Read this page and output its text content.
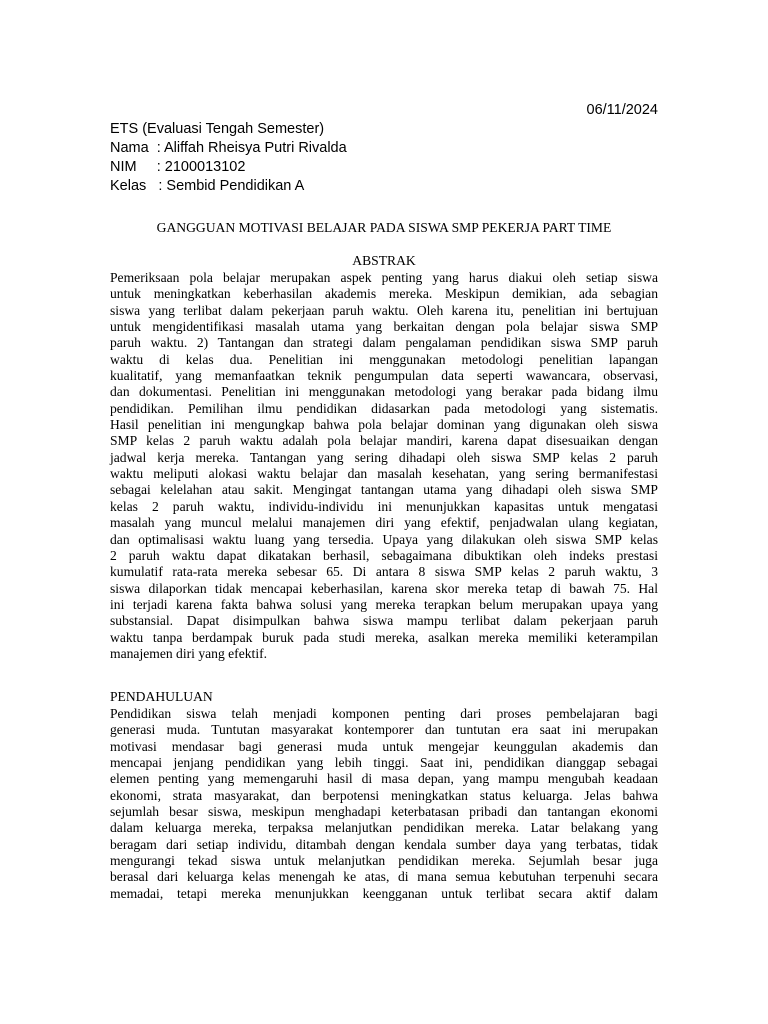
06/11/2024
ETS (Evaluasi Tengah Semester)
Nama  : Aliffah Rheisya Putri Rivalda
NIM     : 2100013102
Kelas   : Sembid Pendidikan A
GANGGUAN MOTIVASI BELAJAR PADA SISWA SMP PEKERJA PART TIME
ABSTRAK
Pemeriksaan pola belajar merupakan aspek penting yang harus diakui oleh setiap siswa
untuk meningkatkan keberhasilan akademis mereka. Meskipun demikian, ada sebagian
siswa yang terlibat dalam pekerjaan paruh waktu. Oleh karena itu, penelitian ini bertujuan
untuk mengidentifikasi masalah utama yang berkaitan dengan pola belajar siswa SMP
paruh waktu. 2) Tantangan dan strategi dalam pengalaman pendidikan siswa SMP paruh
waktu di kelas dua. Penelitian ini menggunakan metodologi penelitian lapangan
kualitatif, yang memanfaatkan teknik pengumpulan data seperti wawancara, observasi,
dan dokumentasi. Penelitian ini menggunakan metodologi yang berakar pada bidang ilmu
pendidikan. Pemilihan ilmu pendidikan didasarkan pada metodologi yang sistematis.
Hasil penelitian ini mengungkap bahwa pola belajar dominan yang digunakan oleh siswa
SMP kelas 2 paruh waktu adalah pola belajar mandiri, karena dapat disesuaikan dengan
jadwal kerja mereka. Tantangan yang sering dihadapi oleh siswa SMP kelas 2 paruh
waktu meliputi alokasi waktu belajar dan masalah kesehatan, yang sering bermanifestasi
sebagai kelelahan atau sakit. Mengingat tantangan utama yang dihadapi oleh siswa SMP
kelas 2 paruh waktu, individu-individu ini menunjukkan kapasitas untuk mengatasi
masalah yang muncul melalui manajemen diri yang efektif, penjadwalan ulang kegiatan,
dan optimalisasi waktu luang yang tersedia. Upaya yang dilakukan oleh siswa SMP kelas
2 paruh waktu dapat dikatakan berhasil, sebagaimana dibuktikan oleh indeks prestasi
kumulatif rata-rata mereka sebesar 65. Di antara 8 siswa SMP kelas 2 paruh waktu, 3
siswa dilaporkan tidak mencapai keberhasilan, karena skor mereka tetap di bawah 75. Hal
ini terjadi karena fakta bahwa solusi yang mereka terapkan belum merupakan upaya yang
substansial. Dapat disimpulkan bahwa siswa mampu terlibat dalam pekerjaan paruh
waktu tanpa berdampak buruk pada studi mereka, asalkan mereka memiliki keterampilan
manajemen diri yang efektif.
PENDAHULUAN
Pendidikan siswa telah menjadi komponen penting dari proses pembelajaran bagi
generasi muda. Tuntutan masyarakat kontemporer dan tuntutan era saat ini merupakan
motivasi mendasar bagi generasi muda untuk mengejar keunggulan akademis dan
mencapai jenjang pendidikan yang lebih tinggi. Saat ini, pendidikan dianggap sebagai
elemen penting yang memengaruhi hasil di masa depan, yang mampu mengubah keadaan
ekonomi, strata masyarakat, dan berpotensi meningkatkan status keluarga. Jelas bahwa
sejumlah besar siswa, meskipun menghadapi keterbatasan pribadi dan tantangan ekonomi
dalam keluarga mereka, terpaksa melanjutkan pendidikan mereka. Latar belakang yang
beragam dari setiap individu, ditambah dengan kendala sumber daya yang terbatas, tidak
mengurangi tekad siswa untuk melanjutkan pendidikan mereka. Sejumlah besar juga
berasal dari keluarga kelas menengah ke atas, di mana semua kebutuhan terpenuhi secara
memadai, tetapi mereka menunjukkan keengganan untuk terlibat secara aktif dalam
